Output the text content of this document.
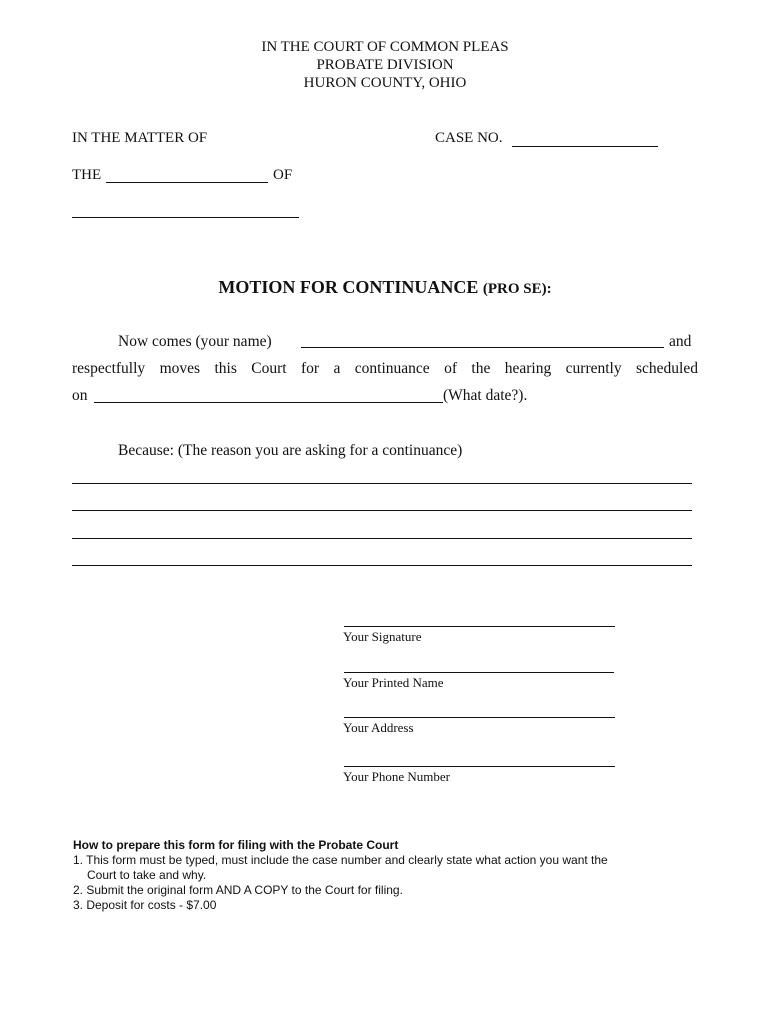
IN THE COURT OF COMMON PLEAS
PROBATE DIVISION
HURON COUNTY, OHIO
IN THE MATTER OF	CASE NO.
THE	OF
MOTION FOR CONTINUANCE (PRO SE):
Now comes (your name)	and
respectfully moves this Court for a continuance of the hearing currently scheduled
on	(What date?).
Because: (The reason you are asking for a continuance)
Your Signature
Your Printed Name
Your Address
Your Phone Number
How to prepare this form for filing with the Probate Court
1. This form must be typed, must include the case number and clearly state what action you want the
Court to take and why.
2. Submit the original form AND A COPY to the Court for filing.
3. Deposit for costs - $7.00
